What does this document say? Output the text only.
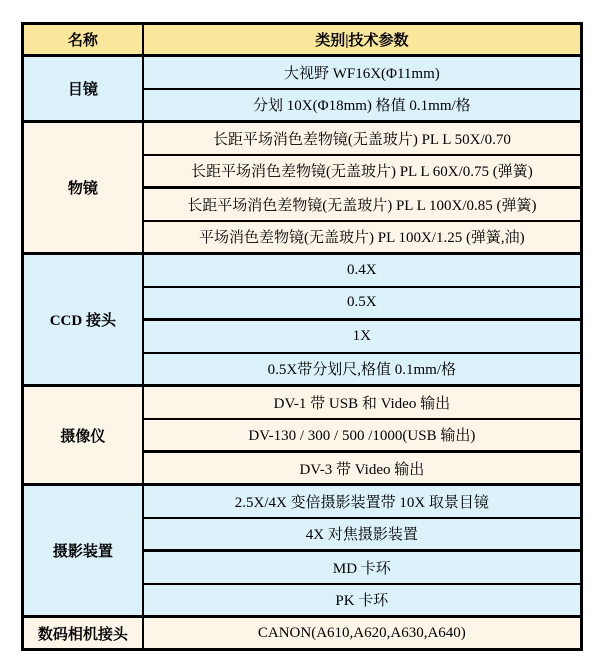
名称	类别|技术参数
目镜	大视野 WF16X(Φ11mm)
	分划 10X(Φ18mm) 格值 0.1mm/格
物镜	长距平场消色差物镜(无盖玻片) PL L 50X/0.70
	长距平场消色差物镜(无盖玻片) PL L 60X/0.75 (弹簧)
	长距平场消色差物镜(无盖玻片) PL L 100X/0.85 (弹簧)
	平场消色差物镜(无盖玻片) PL 100X/1.25 (弹簧,油)
CCD 接头	0.4X
	0.5X
	1X
	0.5X带分划尺,格值 0.1mm/格
摄像仪	DV-1 带 USB 和 Video 输出
	DV-130 / 300 / 500 /1000(USB 输出)
	DV-3 带 Video 输出
摄影装置	2.5X/4X 变倍摄影装置带 10X 取景目镜
	4X 对焦摄影装置
	MD 卡环
	PK 卡环
数码相机接头	CANON(A610,A620,A630,A640)
